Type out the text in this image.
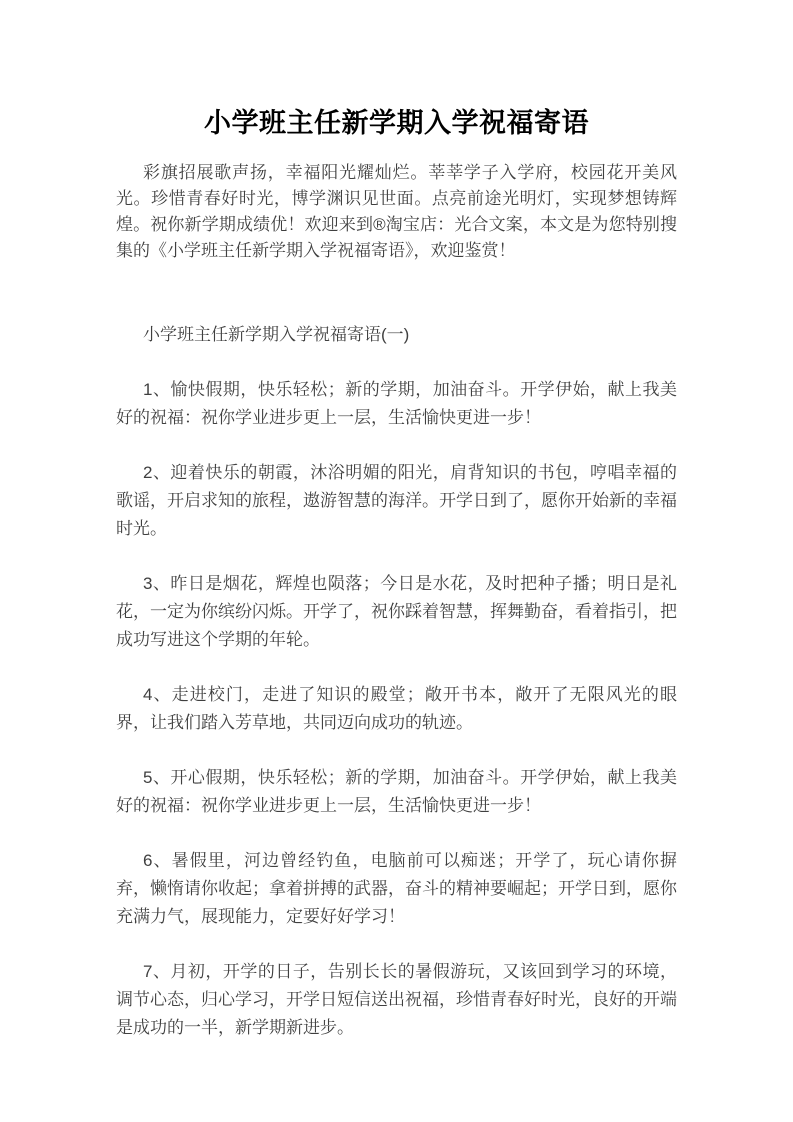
小学班主任新学期入学祝福寄语

彩旗招展歌声扬，幸福阳光耀灿烂。莘莘学子入学府，校园花开美风光。珍惜青春好时光，博学渊识见世面。点亮前途光明灯，实现梦想铸辉煌。祝你新学期成绩优！欢迎来到®淘宝店：光合文案，本文是为您特别搜集的《小学班主任新学期入学祝福寄语》，欢迎鉴赏！

小学班主任新学期入学祝福寄语(一)

1、愉快假期，快乐轻松；新的学期，加油奋斗。开学伊始，献上我美好的祝福：祝你学业进步更上一层，生活愉快更进一步！

2、迎着快乐的朝霞，沐浴明媚的阳光，肩背知识的书包，哼唱幸福的歌谣，开启求知的旅程，遨游智慧的海洋。开学日到了，愿你开始新的幸福时光。

3、昨日是烟花，辉煌也陨落；今日是水花，及时把种子播；明日是礼花，一定为你缤纷闪烁。开学了，祝你踩着智慧，挥舞勤奋，看着指引，把成功写进这个学期的年轮。

4、走进校门，走进了知识的殿堂；敞开书本，敞开了无限风光的眼界，让我们踏入芳草地，共同迈向成功的轨迹。

5、开心假期，快乐轻松；新的学期，加油奋斗。开学伊始，献上我美好的祝福：祝你学业进步更上一层，生活愉快更进一步！

6、暑假里，河边曾经钓鱼，电脑前可以痴迷；开学了，玩心请你摒弃，懒惰请你收起；拿着拼搏的武器，奋斗的精神要崛起；开学日到，愿你充满力气，展现能力，定要好好学习！

7、月初，开学的日子，告别长长的暑假游玩，又该回到学习的环境，调节心态，归心学习，开学日短信送出祝福，珍惜青春好时光，良好的开端是成功的一半，新学期新进步。
